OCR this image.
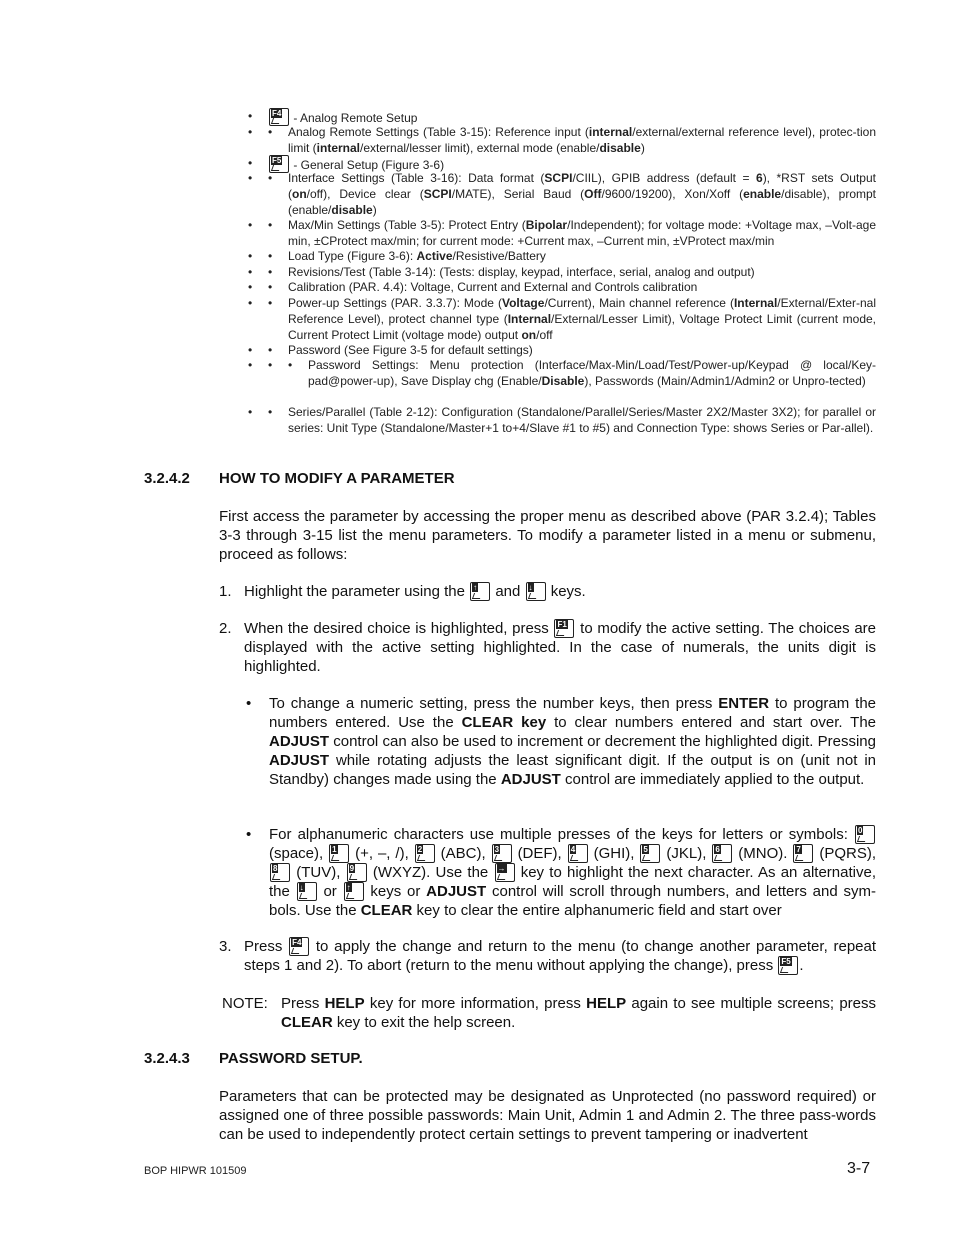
• F4 - Analog Remote Setup
• • Analog Remote Settings (Table 3-15): Reference input (internal/external/external reference level), protec-tion limit (internal/external/lesser limit), external mode (enable/disable)
• F5 - General Setup (Figure 3-6)
• • Interface Settings (Table 3-16): Data format (SCPI/CIIL), GPIB address (default = 6), *RST sets Output (on/off), Device clear (SCPI/MATE), Serial Baud (Off/9600/19200), Xon/Xoff (enable/disable), prompt (enable/disable)
• • Max/Min Settings (Table 3-5): Protect Entry (Bipolar/Independent); for voltage mode: +Voltage max, –Volt-age min, ±CProtect max/min; for current mode: +Current max, –Current min, ±VProtect max/min
• • Load Type (Figure 3-6): Active/Resistive/Battery
• • Revisions/Test (Table 3-14): (Tests: display, keypad, interface, serial, analog and output)
• • Calibration (PAR. 4.4): Voltage, Current and External and Controls calibration
• • Power-up Settings (PAR. 3.3.7): Mode (Voltage/Current), Main channel reference (Internal/External/Exter-nal Reference Level), protect channel type (Internal/External/Lesser Limit), Voltage Protect Limit (current mode, Current Protect Limit (voltage mode) output on/off
• • Password (See Figure 3-5 for default settings)
• • • Password Settings: Menu protection (Interface/Max-Min/Load/Test/Power-up/Keypad @ local/Key-pad@power-up), Save Display chg (Enable/Disable), Passwords (Main/Admin1/Admin2 or Unpro-tected)
• • Series/Parallel (Table 2-12): Configuration (Standalone/Parallel/Series/Master 2X2/Master 3X2); for parallel or series: Unit Type (Standalone/Master+1 to+4/Slave #1 to #5) and Connection Type: shows Series or Par-allel).
3.2.4.2 HOW TO MODIFY A PARAMETER
First access the parameter by accessing the proper menu as described above (PAR 3.2.4); Tables 3-3 through 3-15 list the menu parameters. To modify a parameter listed in a menu or submenu, proceed as follows:
1. Highlight the parameter using the ↑ and ↓ keys.
2. When the desired choice is highlighted, press F1 to modify the active setting. The choices are displayed with the active setting highlighted. In the case of numerals, the units digit is highlighted.
• To change a numeric setting, press the number keys, then press ENTER to program the numbers entered. Use the CLEAR key to clear numbers entered and start over. The ADJUST control can also be used to increment or decrement the highlighted digit. Pressing ADJUST while rotating adjusts the least significant digit. If the output is on (unit not in Standby) changes made using the ADJUST control are immediately applied to the output.
• For alphanumeric characters use multiple presses of the keys for letters or symbols: 0
(space), 1 (+, –, /), 2 (ABC), 3 (DEF), 4 (GHI), 5 (JKL), 6 (MNO). 7 (PQRS),
8 (TUV), 9 (WXYZ). Use the → key to highlight the next character. As an alternative, the ↓ or ↑ keys or ADJUST control will scroll through numbers, and letters and sym-bols. Use the CLEAR key to clear the entire alphanumeric field and start over
3. Press F4 to apply the change and return to the menu (to change another parameter, repeat steps 1 and 2). To abort (return to the menu without applying the change), press F5 .
NOTE: Press HELP key for more information, press HELP again to see multiple screens; press CLEAR key to exit the help screen.
3.2.4.3 PASSWORD SETUP.
Parameters that can be protected may be designated as Unprotected (no password required) or assigned one of three possible passwords: Main Unit, Admin 1 and Admin 2. The three pass-words can be used to independently protect certain settings to prevent tampering or inadvertent
BOP HIPWR 101509	3-7
